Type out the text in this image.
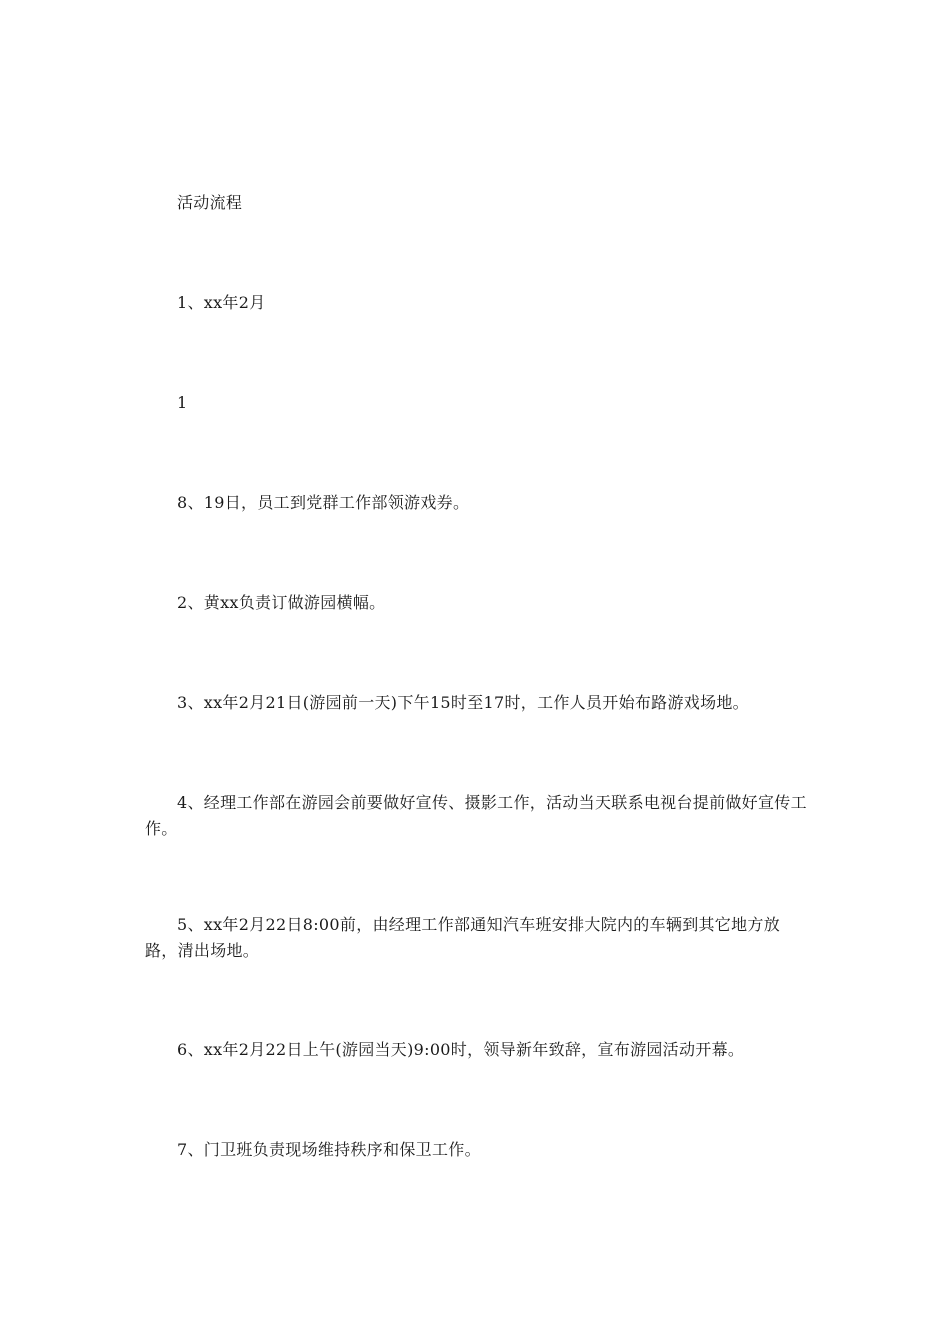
活动流程

1、xx年2月

1

8、19日，员工到党群工作部领游戏券。

2、黄xx负责订做游园横幅。

3、xx年2月21日(游园前一天)下午15时至17时，工作人员开始布路游戏场地。

4、经理工作部在游园会前要做好宣传、摄影工作，活动当天联系电视台提前做好宣传工作。

5、xx年2月22日8:00前，由经理工作部通知汽车班安排大院内的车辆到其它地方放路，清出场地。

6、xx年2月22日上午(游园当天)9:00时，领导新年致辞，宣布游园活动开幕。

7、门卫班负责现场维持秩序和保卫工作。
